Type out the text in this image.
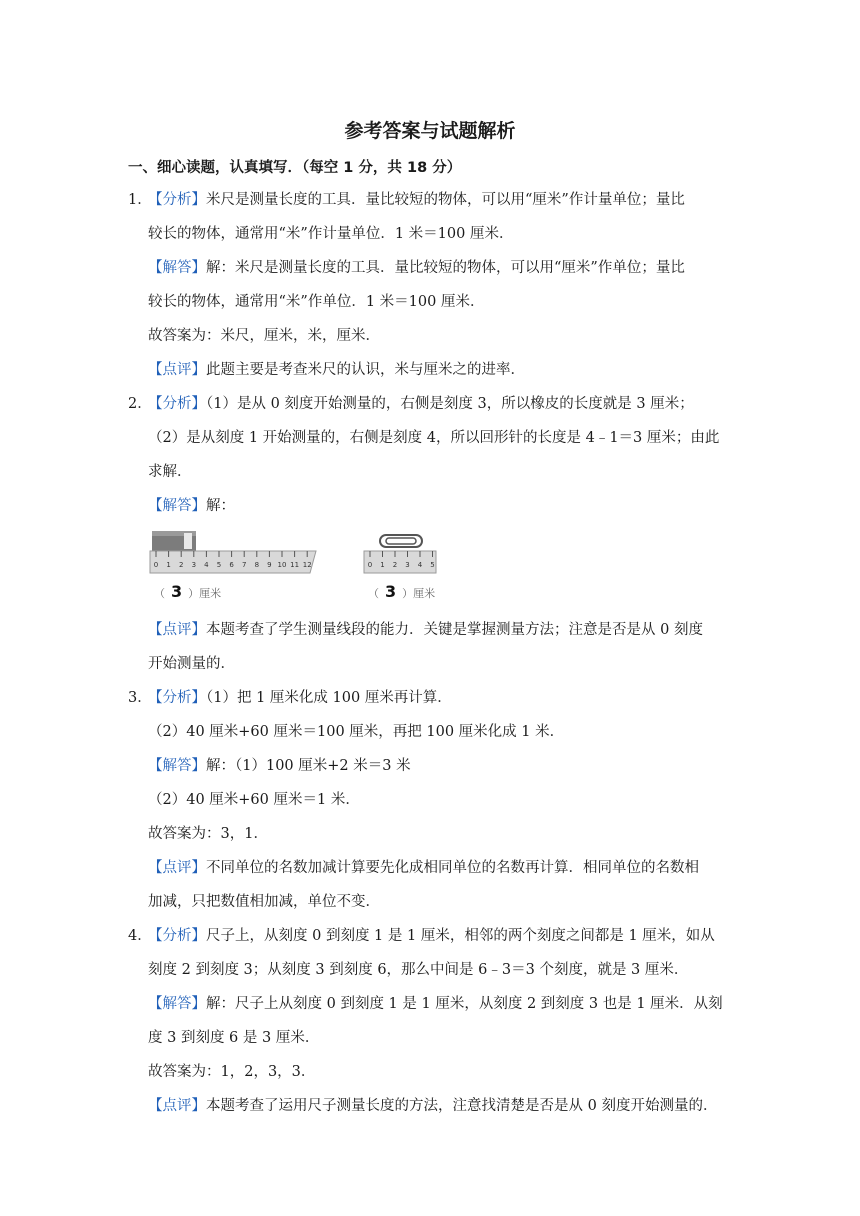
参考答案与试题解析
一、细心读题，认真填写．（每空 1 分，共 18 分）
1．【分析】米尺是测量长度的工具．量比较短的物体，可以用“厘米”作计量单位；量比
较长的物体，通常用“米”作计量单位．1 米＝100 厘米．
【解答】解：米尺是测量长度的工具．量比较短的物体，可以用“厘米”作单位；量比
较长的物体，通常用“米”作单位．1 米＝100 厘米．
故答案为：米尺，厘米，米，厘米．
【点评】此题主要是考查米尺的认识，米与厘米之的进率．
2．【分析】（1）是从 0 刻度开始测量的，右侧是刻度 3，所以橡皮的长度就是 3 厘米；
（2）是从刻度 1 开始测量的，右侧是刻度 4，所以回形针的长度是 4﹣1＝3 厘米；由此
求解．
【解答】解：
0 1 2 3 4 5 6 7 8 9 10 11 12	0 1 2 3 4 5
（ 3 ）厘米	（ 3 ）厘米
【点评】本题考查了学生测量线段的能力．关键是掌握测量方法；注意是否是从 0 刻度
开始测量的．
3．【分析】（1）把 1 厘米化成 100 厘米再计算．
（2）40 厘米+60 厘米＝100 厘米，再把 100 厘米化成 1 米．
【解答】解：（1）100 厘米+2 米＝3 米
（2）40 厘米+60 厘米＝1 米．
故答案为：3，1．
【点评】不同单位的名数加减计算要先化成相同单位的名数再计算．相同单位的名数相
加减，只把数值相加减，单位不变．
4．【分析】尺子上，从刻度 0 到刻度 1 是 1 厘米，相邻的两个刻度之间都是 1 厘米，如从
刻度 2 到刻度 3；从刻度 3 到刻度 6，那么中间是 6﹣3＝3 个刻度，就是 3 厘米．
【解答】解：尺子上从刻度 0 到刻度 1 是 1 厘米，从刻度 2 到刻度 3 也是 1 厘米．从刻
度 3 到刻度 6 是 3 厘米．
故答案为：1，2，3，3．
【点评】本题考查了运用尺子测量长度的方法，注意找清楚是否是从 0 刻度开始测量的．
